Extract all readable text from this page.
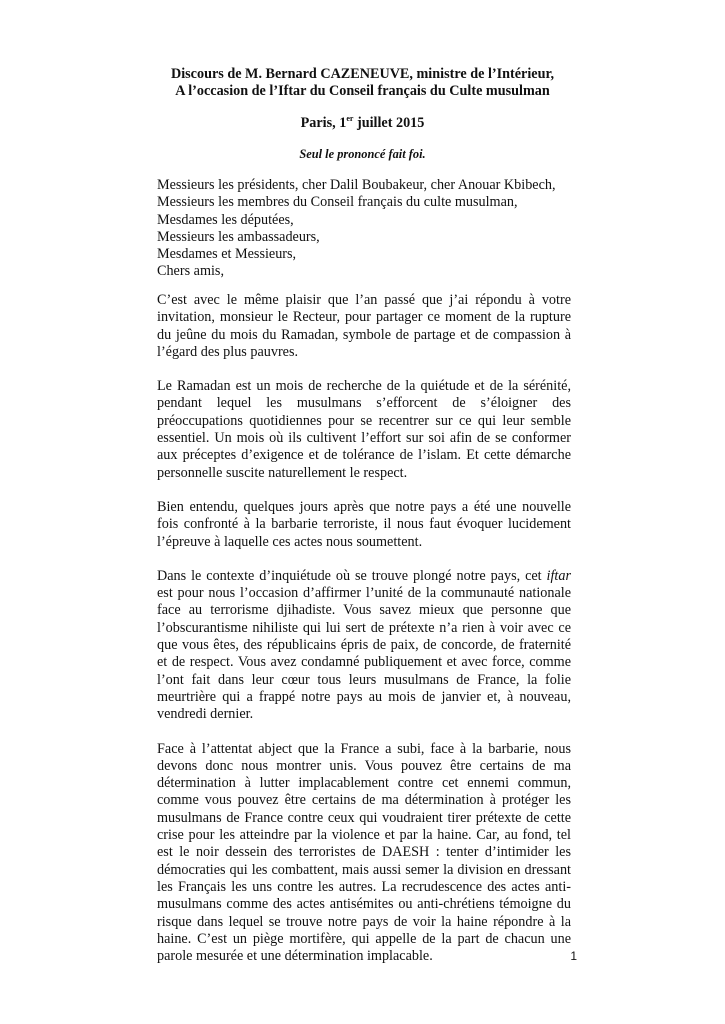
Discours de M. Bernard CAZENEUVE, ministre de l’Intérieur,
A l’occasion de l’Iftar du Conseil français du Culte musulman
Paris, 1er juillet 2015
Seul le prononcé fait foi.
Messieurs les présidents, cher Dalil Boubakeur, cher Anouar Kbibech,
Messieurs les membres du Conseil français du culte musulman,
Mesdames les députées,
Messieurs les ambassadeurs,
Mesdames et Messieurs,
Chers amis,

C’est avec le même plaisir que l’an passé que j’ai répondu à votre invitation, monsieur le Recteur, pour partager ce moment de la rupture du jeûne du mois du Ramadan, symbole de partage et de compassion à l’égard des plus pauvres.

Le Ramadan est un mois de recherche de la quiétude et de la sérénité, pendant lequel les musulmans s’efforcent de s’éloigner des préoccupations quotidiennes pour se recentrer sur ce qui leur semble essentiel. Un mois où ils cultivent l’effort sur soi afin de se conformer aux préceptes d’exigence et de tolérance de l’islam. Et cette démarche personnelle suscite naturellement le respect.

Bien entendu, quelques jours après que notre pays a été une nouvelle fois confronté à la barbarie terroriste, il nous faut évoquer lucidement l’épreuve à laquelle ces actes nous soumettent.

Dans le contexte d’inquiétude où se trouve plongé notre pays, cet iftar est pour nous l’occasion d’affirmer l’unité de la communauté nationale face au terrorisme djihadiste. Vous savez mieux que personne que l’obscurantisme nihiliste qui lui sert de prétexte n’a rien à voir avec ce que vous êtes, des républicains épris de paix, de concorde, de fraternité et de respect. Vous avez condamné publiquement et avec force, comme l’ont fait dans leur cœur tous leurs musulmans de France, la folie meurtrière qui a frappé notre pays au mois de janvier et, à nouveau, vendredi dernier.

Face à l’attentat abject que la France a subi, face à la barbarie, nous devons donc nous montrer unis. Vous pouvez être certains de ma détermination à lutter implacablement contre cet ennemi commun, comme vous pouvez être certains de ma détermination à protéger les musulmans de France contre ceux qui voudraient tirer prétexte de cette crise pour les atteindre par la violence et par la haine. Car, au fond, tel est le noir dessein des terroristes de DAESH : tenter d’intimider les démocraties qui les combattent, mais aussi semer la division en dressant les Français les uns contre les autres. La recrudescence des actes anti-musulmans comme des actes antisémites ou anti-chrétiens témoigne du risque dans lequel se trouve notre pays de voir la haine répondre à la haine. C’est un piège mortifère, qui appelle de la part de chacun une parole mesurée et une détermination implacable.	1
